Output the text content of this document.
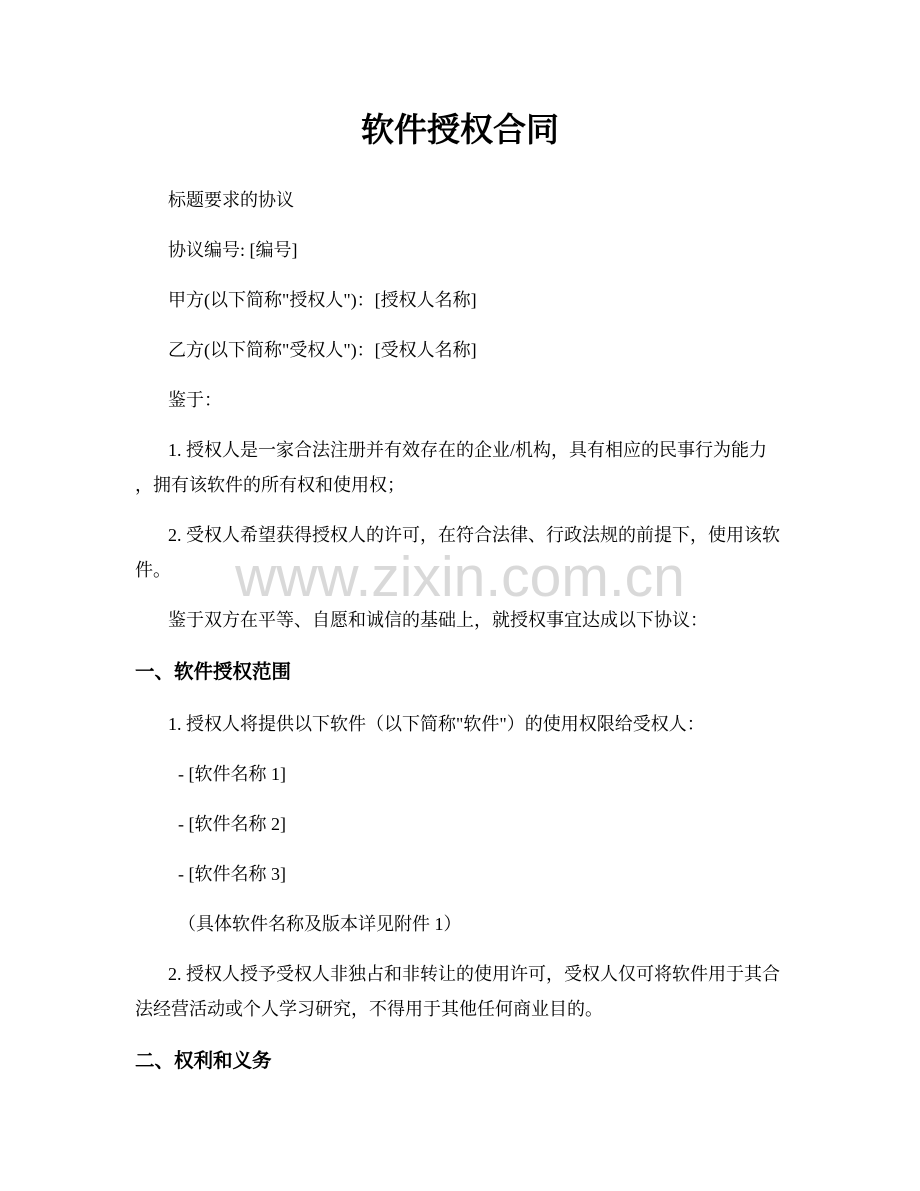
www.zixin.com.cn
软件授权合同

标题要求的协议

协议编号: [编号]

甲方(以下简称"授权人")：[授权人名称]

乙方(以下简称"受权人")：[受权人名称]

鉴于：

1. 授权人是一家合法注册并有效存在的企业/机构，具有相应的民事行为能力
，拥有该软件的所有权和使用权；

2. 受权人希望获得授权人的许可，在符合法律、行政法规的前提下，使用该软
件。

鉴于双方在平等、自愿和诚信的基础上，就授权事宜达成以下协议：

一、软件授权范围

1. 授权人将提供以下软件（以下简称"软件"）的使用权限给受权人：

- [软件名称 1]

- [软件名称 2]

- [软件名称 3]

（具体软件名称及版本详见附件 1）

2. 授权人授予受权人非独占和非转让的使用许可，受权人仅可将软件用于其合
法经营活动或个人学习研究，不得用于其他任何商业目的。

二、权利和义务
